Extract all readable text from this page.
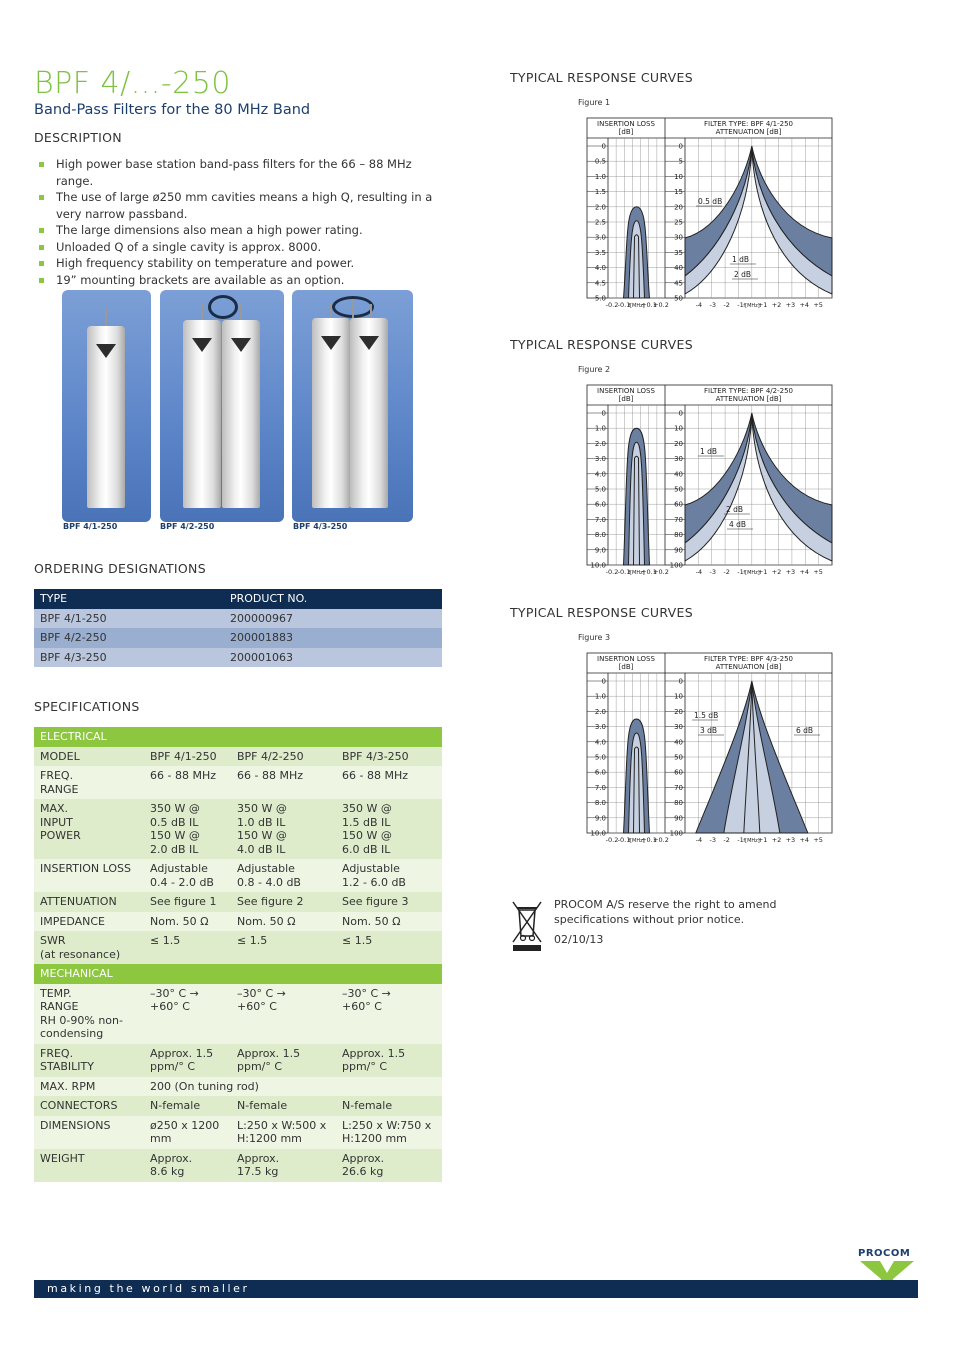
BPF 4/...-250
Band-Pass Filters for the 80 MHz Band
DESCRIPTION
High power base station band-pass filters for the 66 – 88 MHz range.
The use of large ø250 mm cavities means a high Q, resulting in a very narrow passband.
The large dimensions also mean a high power rating.
Unloaded Q of a single cavity is approx. 8000.
High frequency stability on temperature and power.
19” mounting brackets are available as an option.
BPF 4/1-250	BPF 4/2-250	BPF 4/3-250
ORDERING DESIGNATIONS
TYPE	PRODUCT NO.
BPF 4/1-250	200000967
BPF 4/2-250	200001883
BPF 4/3-250	200001063
SPECIFICATIONS
ELECTRICAL			
MODEL	BPF 4/1-250	BPF 4/2-250	BPF 4/3-250
FREQ.
RANGE	66 - 88 MHz	66 - 88 MHz	66 - 88 MHz
MAX.
INPUT
POWER	350 W @
0.5 dB IL
150 W @
2.0 dB IL	350 W @
1.0 dB IL
150 W @
4.0 dB IL	350 W @
1.5 dB IL
150 W @
6.0 dB IL
INSERTION LOSS	Adjustable
0.4 - 2.0 dB	Adjustable
0.8 - 4.0 dB	Adjustable
1.2 - 6.0 dB
ATTENUATION	See figure 1	See figure 2	See figure 3
IMPEDANCE	Nom. 50 Ω	Nom. 50 Ω	Nom. 50 Ω
SWR
(at resonance)	≤ 1.5	≤ 1.5	≤ 1.5
MECHANICAL			
TEMP.
RANGE
RH 0-90% non-
condensing	–30° C →
+60° C	–30° C →
+60° C	–30° C →
+60° C
FREQ.
STABILITY	Approx. 1.5
ppm/° C	Approx. 1.5
ppm/° C	Approx. 1.5
ppm/° C
MAX. RPM	200 (On tuning rod)		
CONNECTORS	N-female	N-female	N-female
DIMENSIONS	ø250 x 1200
mm	L:250 x W:500 x
H:1200 mm	L:250 x W:750 x
H:1200 mm
WEIGHT	Approx.
8.6 kg	Approx.
17.5 kg	Approx.
26.6 kg
TYPICAL RESPONSE CURVES
Figure 1
INSERTION LOSS
[dB]
FILTER TYPE: BPF 4/1-250
ATTENUATION [dB]
0	0
0.5	5
1.0	10
1.5	15
2.0	20
2.5	25
3.0	30
3.5	35
4.0	40
4.5	45
5.0	50
0.5 dB
1 dB
2 dB
-0.2 -0.1
f[MHz]
+0.1
+0.2	-4 -3 -2 -1 f[MHz]
+1 +2 +3 +4 +5
TYPICAL RESPONSE CURVES
Figure 2
INSERTION LOSS
[dB]
FILTER TYPE: BPF 4/2-250
ATTENUATION [dB]
0	0
1.0	10
2.0	20
3.0	30
4.0	40
5.0	50
6.0	60
7.0	70
8.0	80
9.0	90
10.0	100
1 dB
2 dB
4 dB
-0.2 -0.1
f[MHz]
+0.1
+0.2	-4 -3 -2 -1 f[MHz]
+1 +2 +3 +4 +5
TYPICAL RESPONSE CURVES
Figure 3
INSERTION LOSS
[dB]
FILTER TYPE: BPF 4/3-250
ATTENUATION [dB]
0	0
1.0	10
2.0	20
3.0	30
4.0	40
5.0	50
6.0	60
7.0	70
8.0	80
9.0	90
10.0	100
1.5 dB
3 dB	6 dB
-0.2 -0.1
f[MHz]
+0.1
+0.2	-4 -3 -2 -1 f[MHz]
+1 +2 +3 +4 +5
PROCOM A/S reserve the right to amend specifications without prior notice.
02/10/13
PROCOM
making the world smaller
